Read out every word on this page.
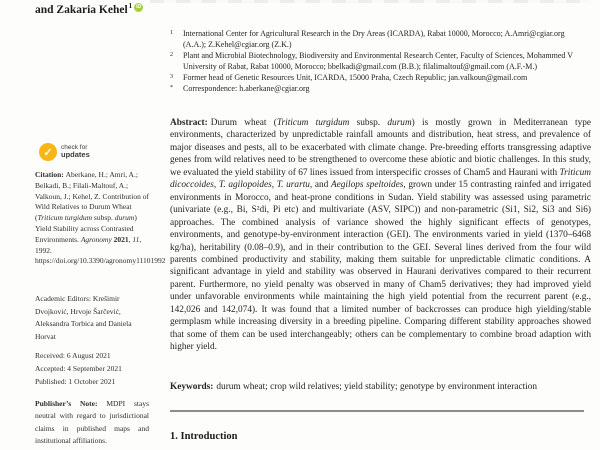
and Zakaria Kehel$^1$ iD
✓	check for
updates
Citation: Aberkane, H.; Amri, A.; Belkadi, B.; Filali-Maltouf, A.; Valkoun, J.; Kehel, Z. Contribution of Wild Relatives to Durum Wheat (Triticum turgidum subsp. durum) Yield Stability across Contrasted Environments. Agronomy 2021, 11, 1992. https://doi.org/10.3390/agronomy11101992
Academic Editors: Krešimir Dvojković, Hrvoje Šarčević, Aleksandra Torbica and Daniela Horvat
Received: 6 August 2021
Accepted: 4 September 2021
Published: 1 October 2021
Publisher’s Note: MDPI stays neutral with regard to jurisdictional claims in published maps and institutional affiliations.
1	International Center for Agricultural Research in the Dry Areas (ICARDA), Rabat 10000, Morocco; A.Amri@cgiar.org (A.A.); Z.Kehel@cgiar.org (Z.K.)
2	Plant and Microbial Biotechnology, Biodiversity and Environmental Research Center, Faculty of Sciences, Mohammed V University of Rabat, Rabat 10000, Morocco; bbelkadi@gmail.com (B.B.); filalimaltouf@gmail.com (A.F.-M.)
3	Former head of Genetic Resources Unit, ICARDA, 15000 Praha, Czech Republic; jan.valkoun@gmail.com
*	Correspondence: h.aberkane@cgiar.org
Abstract: Durum wheat (Triticum turgidum subsp. durum) is mostly grown in Mediterranean type environments, characterized by unpredictable rainfall amounts and distribution, heat stress, and prevalence of major diseases and pests, all to be exacerbated with climate change. Pre-breeding efforts transgressing adaptive genes from wild relatives need to be strengthened to overcome these abiotic and biotic challenges. In this study, we evaluated the yield stability of 67 lines issued from interspecific crosses of Cham5 and Haurani with Triticum dicoccoides, T. agilopoides, T. urartu, and Aegilops speltoides, grown under 15 contrasting rainfed and irrigated environments in Morocco, and heat-prone conditions in Sudan. Yield stability was assessed using parametric (univariate (e.g., Bi, S²di, Pi etc) and multivariate (ASV, SIPC)) and non-parametric (Si1, Si2, Si3 and Si6) approaches. The combined analysis of variance showed the highly significant effects of genotypes, environments, and genotype-by-environment interaction (GEI). The environments varied in yield (1370–6468 kg/ha), heritability (0.08–0.9), and in their contribution to the GEI. Several lines derived from the four wild parents combined productivity and stability, making them suitable for unpredictable climatic conditions. A significant advantage in yield and stability was observed in Haurani derivatives compared to their recurrent parent. Furthermore, no yield penalty was observed in many of Cham5 derivatives; they had improved yield under unfavorable environments while maintaining the high yield potential from the recurrent parent (e.g., 142,026 and 142,074). It was found that a limited number of backcrosses can produce high yielding/stable germplasm while increasing diversity in a breeding pipeline. Comparing different stability approaches showed that some of them can be used interchangeably; others can be complementary to combine broad adaption with higher yield.
Keywords: durum wheat; crop wild relatives; yield stability; genotype by environment interaction
1. Introduction
